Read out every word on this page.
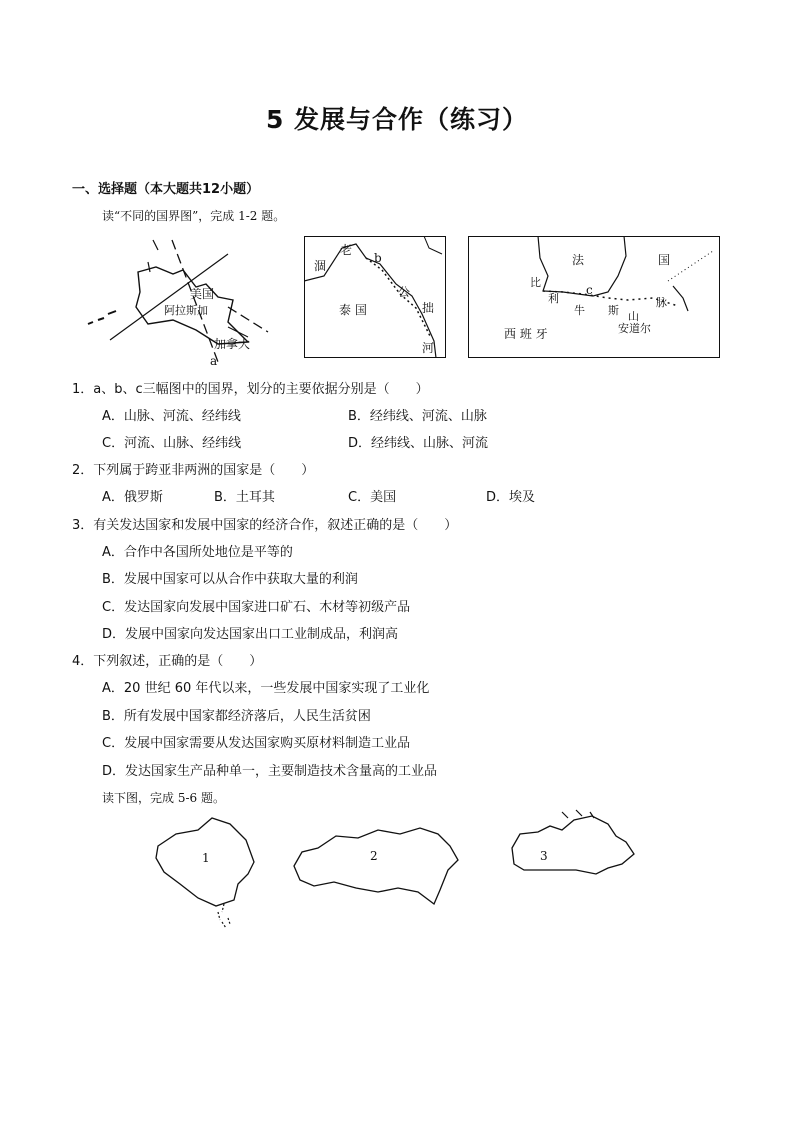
5 发展与合作（练习）
一、选择题（本大题共12小题）
读“不同的国界图”，完成 1-2 题。
美国
阿拉斯加
加拿大
a
老
涸
b
泰 国
公
拙
河
法	国
比
利
c
牛 斯 山
脉
安道尔
西 班 牙
1．a、b、c三幅图中的国界，划分的主要依据分别是（　　）
A．山脉、河流、经纬线	B．经纬线、河流、山脉
C．河流、山脉、经纬线	D．经纬线、山脉、河流
2．下列属于跨亚非两洲的国家是（　　）
A．俄罗斯	B．土耳其	C．美国	D．埃及
3．有关发达国家和发展中国家的经济合作，叙述正确的是（　　）
A．合作中各国所处地位是平等的
B．发展中国家可以从合作中获取大量的利润
C．发达国家向发展中国家进口矿石、木材等初级产品
D．发展中国家向发达国家出口工业制成品，利润高
4．下列叙述，正确的是（　　）
A．20 世纪 60 年代以来，一些发展中国家实现了工业化
B．所有发展中国家都经济落后，人民生活贫困
C．发展中国家需要从发达国家购买原材料制造工业品
D．发达国家生产品种单一，主要制造技术含量高的工业品
读下图，完成 5-6 题。
1	2	3
